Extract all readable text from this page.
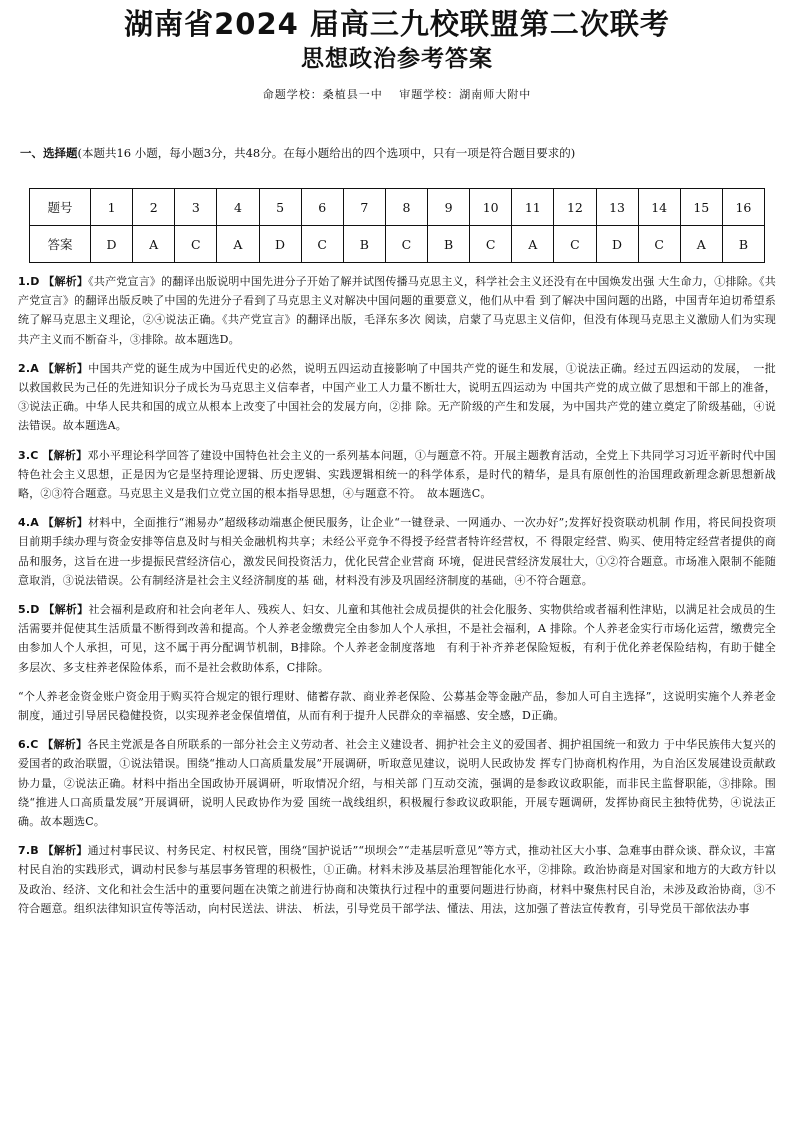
湖南省2024 届高三九校联盟第二次联考
思想政治参考答案
命题学校：桑植县一中 审题学校：湖南师大附中
一、选择题(本题共16 小题，每小题3分，共48分。在每小题给出的四个选项中，只有一项是符合题目要求的)
题号	1	2	3	4	5	6	7	8	9	10	11	12	13	14	15	16
答案	D	A	C	A	D	C	B	C	B	C	A	C	D	C	A	B
1.D 【解析】《共产党宣言》的翻译出版说明中国先进分子开始了解并试图传播马克思主义，科学社会主义还没有在中国焕发出强 大生命力，①排除。《共产党宣言》的翻译出版反映了中国的先进分子看到了马克思主义对解决中国问题的重要意义，他们从中看 到了解决中国问题的出路，中国青年迫切希望系统了解马克思主义理论，②④说法正确。《共产党宣言》的翻译出版，毛泽东多次 阅读，启蒙了马克思主义信仰，但没有体现马克思主义激励人们为实现共产主义而不断奋斗，③排除。故本题选D。
2.A 【解析】中国共产党的诞生成为中国近代史的必然，说明五四运动直接影响了中国共产党的诞生和发展，①说法正确。经过五四运动的发展，　一批以救国救民为己任的先进知识分子成长为马克思主义信奉者，中国产业工人力量不断壮大，说明五四运动为 中国共产党的成立做了思想和干部上的准备，③说法正确。中华人民共和国的成立从根本上改变了中国社会的发展方向，②排 除。无产阶级的产生和发展，为中国共产党的建立奠定了阶级基础，④说法错误。故本题选A。
3.C 【解析】邓小平理论科学回答了建设中国特色社会主义的一系列基本问题，①与题意不符。开展主题教育活动，全党上下共同学习习近平新时代中国特色社会主义思想，正是因为它是坚持理论逻辑、历史逻辑、实践逻辑相统一的科学体系，是时代的精华，是具有原创性的治国理政新理念新思想新战略，②③符合题意。马克思主义是我们立党立国的根本指导思想，④与题意不符。　故本题选C。
4.A 【解析】材料中，全面推行“湘易办”超级移动端惠企便民服务，让企业“一键登录、一网通办、一次办好”;发挥好投资联动机制 作用，将民间投资项目前期手续办理与资金安排等信息及时与相关金融机构共享；未经公平竞争不得授予经营者特许经营权，不 得限定经营、购买、使用特定经营者提供的商品和服务，这旨在进一步提振民营经济信心，激发民间投资活力，优化民营企业营商 环境，促进民营经济发展壮大，①②符合题意。市场准入限制不能随意取消，③说法错误。公有制经济是社会主义经济制度的基 础，材料没有涉及巩固经济制度的基础，④不符合题意。
5.D 【解析】社会福利是政府和社会向老年人、残疾人、妇女、儿童和其他社会成员提供的社会化服务、实物供给或者福利性津贴，以满足社会成员的生活需要并促使其生活质量不断得到改善和提高。个人养老金缴费完全由参加人个人承担，不是社会福利，A 排除。个人养老金实行市场化运营，缴费完全由参加人个人承担，可见，这不属于再分配调节机制，B排除。个人养老金制度落地　有利于补齐养老保险短板，有利于优化养老保险结构，有助于健全多层次、多支柱养老保险体系，而不是社会救助体系，C排除。
“个人养老金资金账户资金用于购买符合规定的银行理财、储蓄存款、商业养老保险、公募基金等金融产品，参加人可自主选择”，这说明实施个人养老金制度，通过引导居民稳健投资，以实现养老金保值增值，从而有利于提升人民群众的幸福感、安全感，D正确。
6.C 【解析】各民主党派是各自所联系的一部分社会主义劳动者、社会主义建设者、拥护社会主义的爱国者、拥护祖国统一和致力 于中华民族伟大复兴的爱国者的政治联盟，①说法错误。围绕“推动人口高质量发展”开展调研，听取意见建议，说明人民政协发 挥专门协商机构作用，为自治区发展建设贡献政协力量，②说法正确。材料中指出全国政协开展调研，听取情况介绍，与相关部 门互动交流，强调的是参政议政职能，而非民主监督职能，③排除。围绕“推进人口高质量发展”开展调研，说明人民政协作为爱 国统一战线组织，积极履行参政议政职能，开展专题调研，发挥协商民主独特优势，④说法正确。故本题选C。
7.B 【解析】通过村事民议、村务民定、村权民管，围绕“国护说话”“坝坝会”“走基层听意见”等方式，推动社区大小事、急难事由群众谈、群众议，丰富村民自治的实践形式，调动村民参与基层事务管理的积极性，①正确。材料未涉及基层治理智能化水平，②排除。政治协商是对国家和地方的大政方针以及政治、经济、文化和社会生活中的重要问题在决策之前进行协商和决策执行过程中的重要问题进行协商，材料中聚焦村民自治，未涉及政治协商，③不符合题意。组织法律知识宣传等活动，向村民送法、讲法、 析法，引导党员干部学法、懂法、用法，这加强了普法宣传教育，引导党员干部依法办事
